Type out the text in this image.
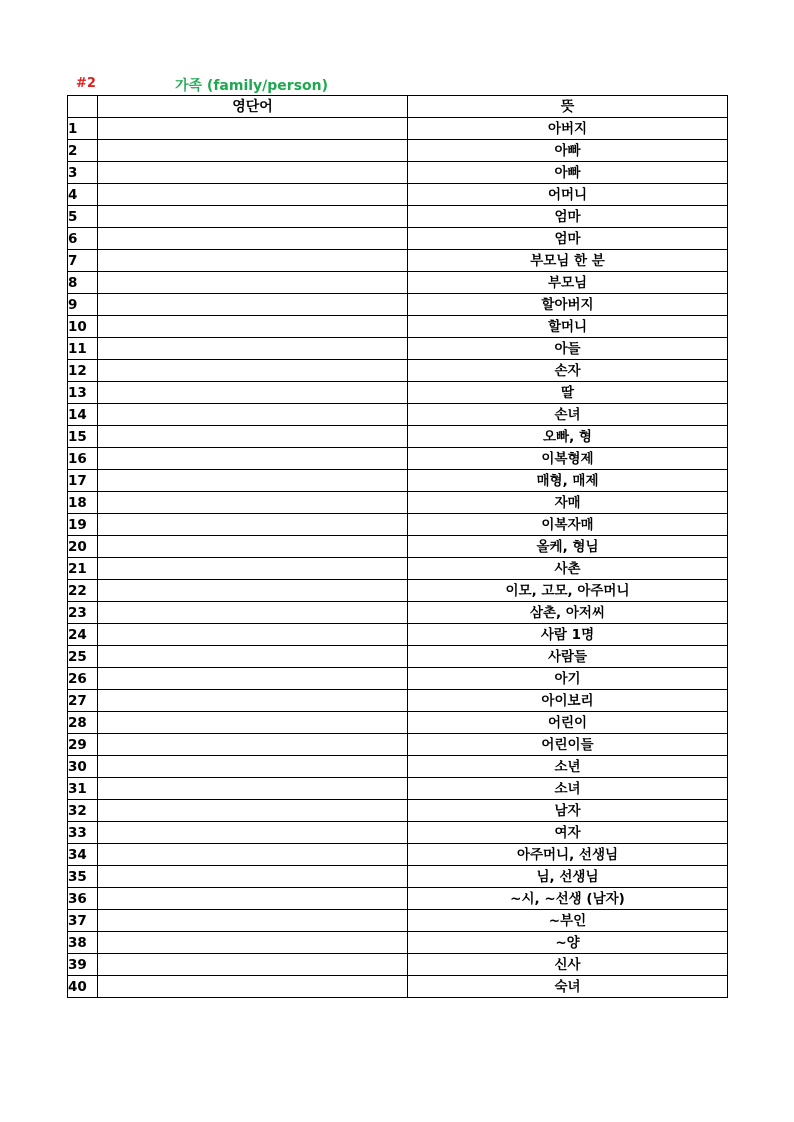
#2	가족 (family/person)
	영단어	뜻
1		아버지
2		아빠
3		아빠
4		어머니
5		엄마
6		엄마
7		부모님 한 분
8		부모님
9		할아버지
10		할머니
11		아들
12		손자
13		딸
14		손녀
15		오빠, 형
16		이복형제
17		매형, 매제
18		자매
19		이복자매
20		올케, 형님
21		사촌
22		이모, 고모, 아주머니
23		삼촌, 아저씨
24		사람 1명
25		사람들
26		아기
27		아이보리
28		어린이
29		어린이들
30		소년
31		소녀
32		남자
33		여자
34		아주머니, 선생님
35		님, 선생님
36		~시, ~선생 (남자)
37		~부인
38		~양
39		신사
40		숙녀
